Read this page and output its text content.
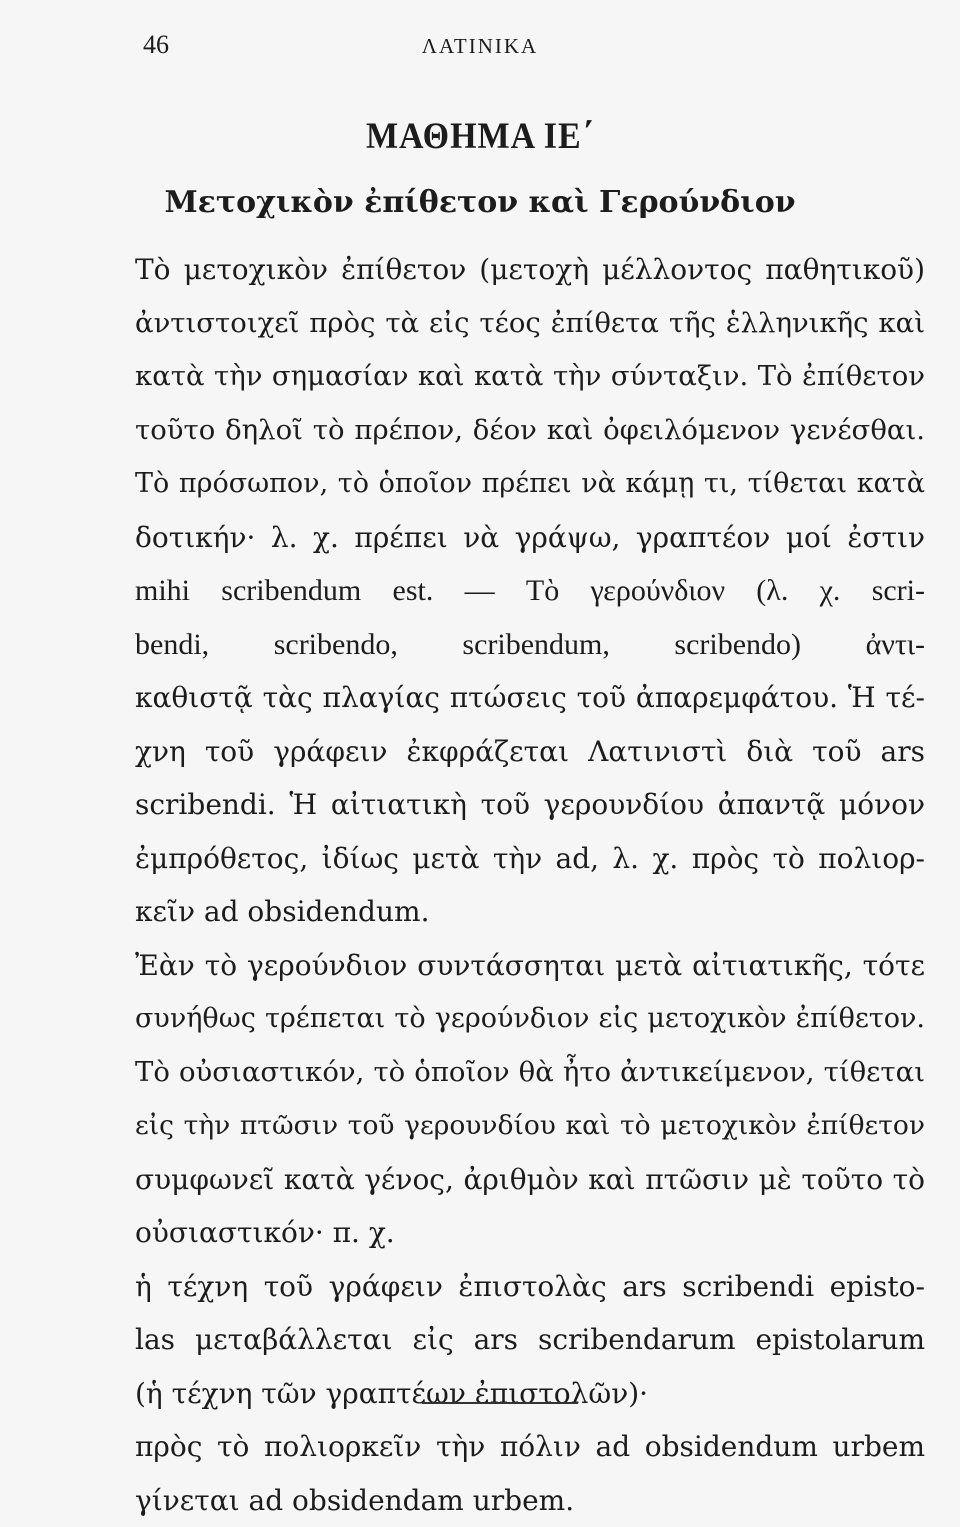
46	ΛΑΤΙΝΙΚΑ
ΜΑΘΗΜΑ ΙΕ΄
Μετοχικὸν ἐπίθετον καὶ Γερούνδιον
Τὸ μετοχικὸν ἐπίθετον (μετοχὴ μέλλοντος παθητικοῦ)
ἀντιστοιχεῖ πρὸς τὰ εἰς τέος ἐπίθετα τῆς ἑλληνικῆς καὶ
κατὰ τὴν σημασίαν καὶ κατὰ τὴν σύνταξιν. Τὸ ἐπίθετον
τοῦτο δηλοῖ τὸ πρέπον, δέον καὶ ὀφειλόμενον γενέσθαι.
Τὸ πρόσωπον, τὸ ὁποῖον πρέπει νὰ κάμῃ τι, τίθεται κατὰ
δοτικήν· λ. χ. πρέπει νὰ γράψω, γραπτέον μοί ἐστιν
mihi scribendum est. — Τὸ γερούνδιον (λ. χ. scri-
bendi, scribendo, scribendum, scribendo) ἀντι-
καθιστᾷ τὰς πλαγίας πτώσεις τοῦ ἀπαρεμφάτου. Ἡ τέ-
χνη τοῦ γράφειν ἐκφράζεται Λατινιστὶ διὰ τοῦ ars
scribendi. Ἡ αἰτιατικὴ τοῦ γερουνδίου ἀπαντᾷ μόνον
ἐμπρόθετος, ἰδίως μετὰ τὴν ad, λ. χ. πρὸς τὸ πολιορ-
κεῖν ad obsidendum.
Ἐὰν τὸ γερούνδιον συντάσσηται μετὰ αἰτιατικῆς, τότε
συνήθως τρέπεται τὸ γερούνδιον εἰς μετοχικὸν ἐπίθετον.
Τὸ οὐσιαστικόν, τὸ ὁποῖον θὰ ἦτο ἀντικείμενον, τίθεται
εἰς τὴν πτῶσιν τοῦ γερουνδίου καὶ τὸ μετοχικὸν ἐπίθετον
συμφωνεῖ κατὰ γένος, ἀριθμὸν καὶ πτῶσιν μὲ τοῦτο τὸ
οὐσιαστικόν· π. χ.
ἡ τέχνη τοῦ γράφειν ἐπιστολὰς ars scribendi episto-
las μεταβάλλεται εἰς ars scribendarum epistolarum
(ἡ τέχνη τῶν γραπτέων ἐπιστολῶν)·
πρὸς τὸ πολιορκεῖν τὴν πόλιν ad obsidendum urbem
γίνεται ad obsidendam urbem.
